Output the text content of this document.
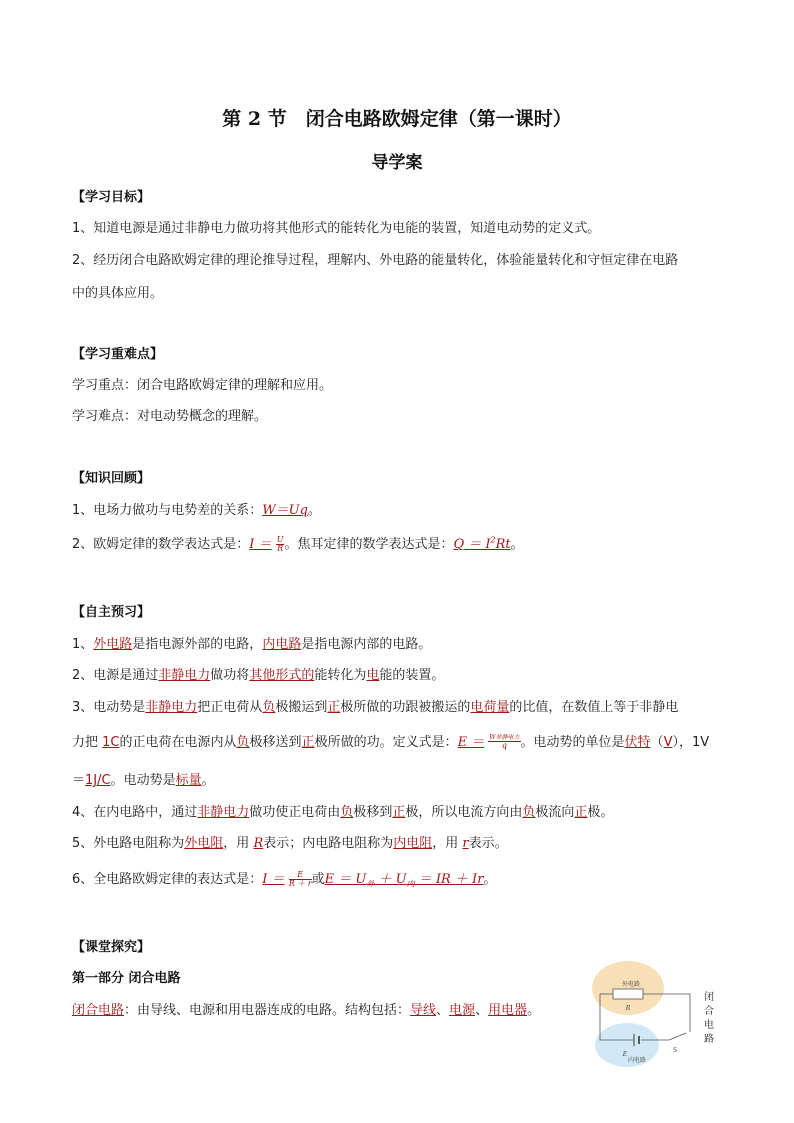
第 2 节　闭合电路欧姆定律（第一课时）
导学案
【学习目标】
1、知道电源是通过非静电力做功将其他形式的能转化为电能的装置，知道电动势的定义式。
2、经历闭合电路欧姆定律的理论推导过程，理解内、外电路的能量转化，体验能量转化和守恒定律在电路
中的具体应用。
【学习重难点】
学习重点：闭合电路欧姆定律的理解和应用。
学习难点：对电动势概念的理解。
【知识回顾】
1、电场力做功与电势差的关系：W＝Uq。
2、欧姆定律的数学表达式是：$I = \frac{U}{R}$ 。焦耳定律的数学表达式是：$Q = I^2Rt$。
【自主预习】
1、外电路是指电源外部的电路，内电路是指电源内部的电路。
2、电源是通过非静电力做功将其他形式的能转化为电能的装置。
3、电动势是非静电力把正电荷从负极搬运到正极所做的功跟被搬运的电荷量的比值，在数值上等于非静电
力把 1C的正电荷在电源内从负极移送到正极所做的功。定义式是：$E = \frac{\text{W非静电力}}{q}$ 。电动势的单位是伏特（V），1V
＝1J/C。电动势是标量。
4、在内电路中，通过非静电力做功使正电荷由负极移到正极，所以电流方向由负极流向正极。
5、外电路电阻称为外电阻，用 R表示；内电路电阻称为内电阻，用 r表示。
6、全电路欧姆定律的表达式是：$I = \frac{E}{R + r}$ 或$E = U_外 + U_内$ ＝ IR ＋ Ir。
【课堂探究】
第一部分 闭合电路
闭合电路：由导线、电源和用电器连成的电路。结构包括：导线、电源、用电器。
外电路
R
E
内电路
S
闭
合
电
路
